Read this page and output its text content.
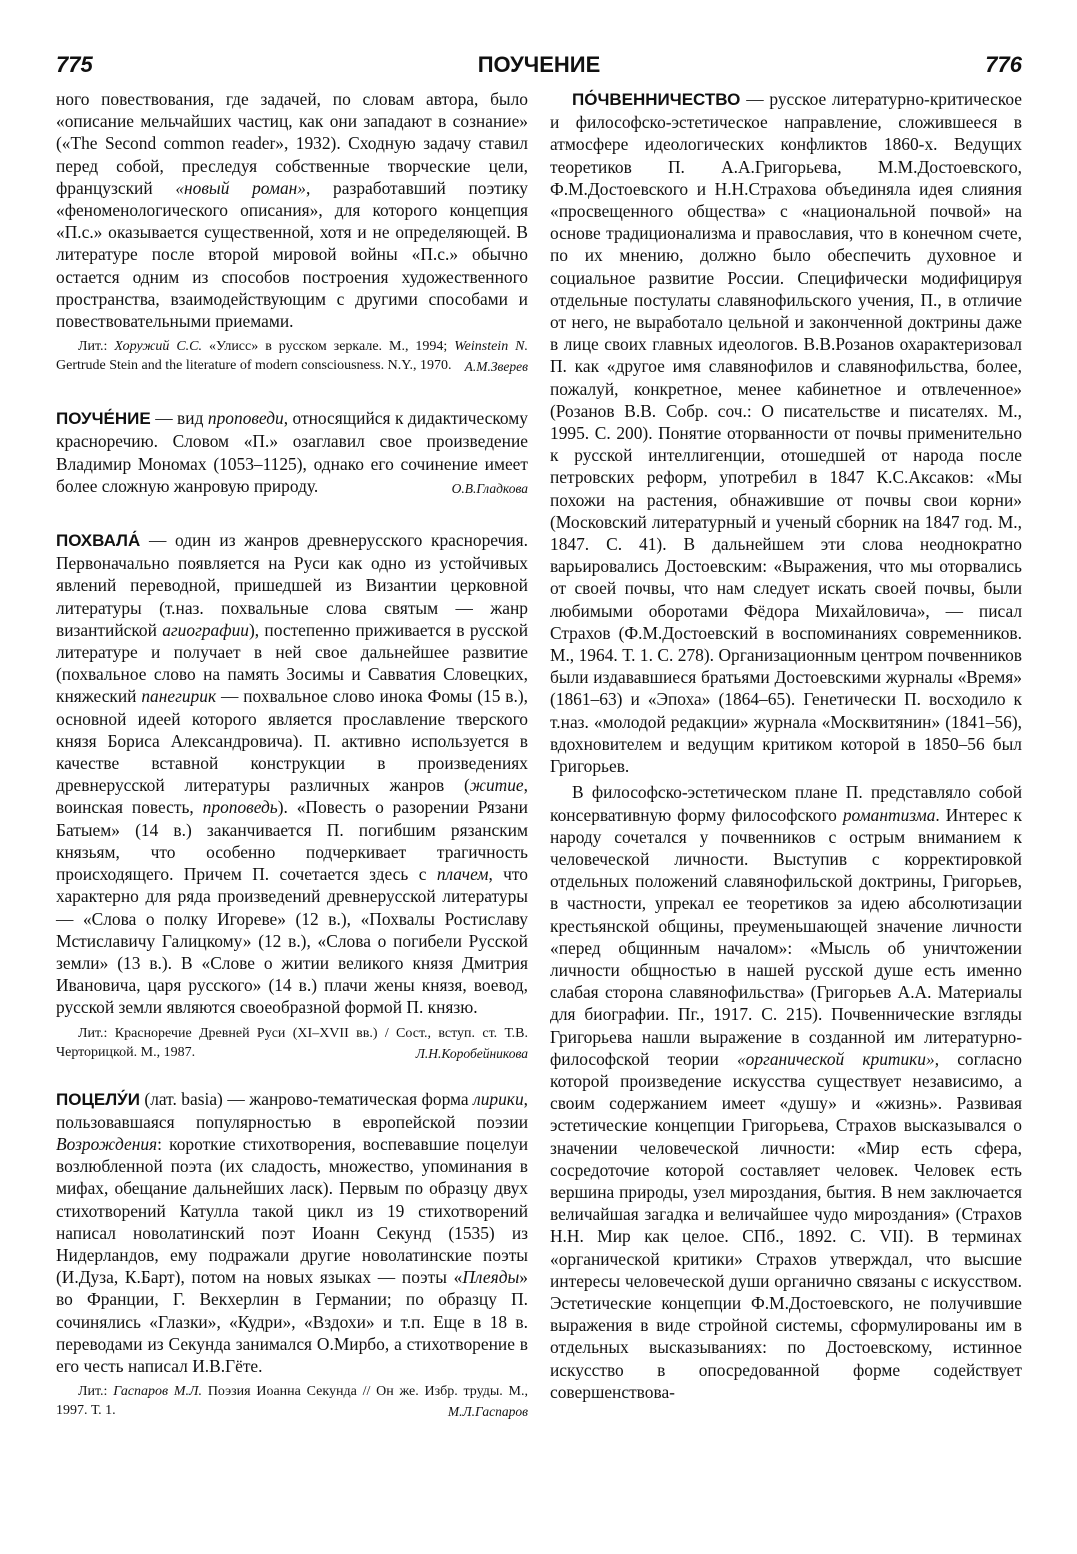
775	ПОУЧЕНИЕ	776

ного повествования, где задачей, по словам автора, было «описание мельчайших частиц, как они западают в сознание» («The Second common reader», 1932). Сходную задачу ставил перед собой, преследуя собственные творческие цели, французский «новый роман», разработавший поэтику «феноменологического описания», для которого концепция «П.с.» оказывается существенной, хотя и не определяющей. В литературе после второй мировой войны «П.с.» обычно остается одним из способов построения художественного пространства, взаимодействующим с другими способами и повествовательными приемами.

Лит.: Хоружий С.С. «Улисс» в русском зеркале. М., 1994; Weinstein N. Gertrude Stein and the literature of modern consciousness. N.Y., 1970. А.М.Зверев

ПОУЧЕ́НИЕ — вид проповеди, относящийся к дидактическому красноречию. Словом «П.» озаглавил свое произведение Владимир Мономах (1053–1125), однако его сочинение имеет более сложную жанровую природу.	О.В.Гладкова

ПОХВАЛА́ — один из жанров древнерусского красноречия. Первоначально появляется на Руси как одно из устойчивых явлений переводной, пришедшей из Византии церковной литературы (т.наз. похвальные слова святым — жанр византийской агиографии), постепенно приживается в русской литературе и получает в ней свое дальнейшее развитие (похвальное слово на память Зосимы и Савватия Словецких, княжеский панегирик — похвальное слово инока Фомы (15 в.), основной идеей которого является прославление тверского князя Бориса Александровича). П. активно используется в качестве вставной конструкции в произведениях древнерусской литературы различных жанров (житие, воинская повесть, проповедь). «Повесть о разорении Рязани Батыем» (14 в.) заканчивается П. погибшим рязанским князьям, что особенно подчеркивает трагичность происходящего. Причем П. сочетается здесь с плачем, что характерно для ряда произведений древнерусской литературы — «Слова о полку Игореве» (12 в.), «Похвалы Ростиславу Мстиславичу Галицкому» (12 в.), «Слова о погибели Русской земли» (13 в.). В «Слове о житии великого князя Дмитрия Ивановича, царя русского» (14 в.) плачи жены князя, воевод, русской земли являются своеобразной формой П. князю.

Лит.: Красноречие Древней Руси (XI–XVII вв.) / Сост., вступ. ст. Т.В. Черторицкой. М., 1987.	Л.Н.Коробейникова

ПОЦЕЛУ́И (лат. basia) — жанрово-тематическая форма лирики, пользовавшаяся популярностью в европейской поэзии Возрождения: короткие стихотворения, воспевавшие поцелуи возлюбленной поэта (их сладость, множество, упоминания в мифах, обещание дальнейших ласк). Первым по образцу двух стихотворений Катулла такой цикл из 19 стихотворений написал новолатинский поэт Иоанн Секунд (1535) из Нидерландов, ему подражали другие новолатинские поэты (И.Дуза, К.Барт), потом на новых языках — поэты «Плеяды» во Франции, Г. Векхерлин в Германии; по образцу П. сочинялись «Глазки», «Кудри», «Вздохи» и т.п. Еще в 18 в. переводами из Секунда занимался О.Мирбо, а стихотворение в его честь написал И.В.Гёте.

Лит.: Гаспаров М.Л. Поэзия Иоанна Секунда // Он же. Избр. труды. М., 1997. Т. 1.	М.Л.Гаспаров

ПО́ЧВЕННИЧЕСТВО — русское литературно-критическое и философско-эстетическое направление, сложившееся в атмосфере идеологических конфликтов 1860-х. Ведущих теоретиков П. А.А.Григорьева, М.М.Достоевского, Ф.М.Достоевского и Н.Н.Страхова объединяла идея слияния «просвещенного общества» с «национальной почвой» на основе традиционализма и православия, что в конечном счете, по их мнению, должно было обеспечить духовное и социальное развитие России. Специфически модифицируя отдельные постулаты славянофильского учения, П., в отличие от него, не выработало цельной и законченной доктрины даже в лице своих главных идеологов. В.В.Розанов охарактеризовал П. как «другое имя славянофилов и славянофильства, более, пожалуй, конкретное, менее кабинетное и отвлеченное» (Розанов В.В. Собр. соч.: О писательстве и писателях. М., 1995. С. 200). Понятие оторванности от почвы применительно к русской интеллигенции, отошедшей от народа после петровских реформ, употребил в 1847 К.С.Аксаков: «Мы похожи на растения, обнажившие от почвы свои корни» (Московский литературный и ученый сборник на 1847 год. М., 1847. С. 41). В дальнейшем эти слова неоднократно варьировались Достоевским: «Выражения, что мы оторвались от своей почвы, что нам следует искать своей почвы, были любимыми оборотами Фёдора Михайловича», — писал Страхов (Ф.М.Достоевский в воспоминаниях современников. М., 1964. Т. 1. С. 278). Организационным центром почвенников были издававшиеся братьями Достоевскими журналы «Время» (1861–63) и «Эпоха» (1864–65). Генетически П. восходило к т.наз. «молодой редакции» журнала «Москвитянин» (1841–56), вдохновителем и ведущим критиком которой в 1850–56 был Григорьев.

В философско-эстетическом плане П. представляло собой консервативную форму философского романтизма. Интерес к народу сочетался у почвенников с острым вниманием к человеческой личности. Выступив с корректировкой отдельных положений славянофильской доктрины, Григорьев, в частности, упрекал ее теоретиков за идею абсолютизации крестьянской общины, преуменьшающей значение личности «перед общинным началом»: «Мысль об уничтожении личности общностью в нашей русской душе есть именно слабая сторона славянофильства» (Григорьев А.А. Материалы для биографии. Пг., 1917. С. 215). Почвеннические взгляды Григорьева нашли выражение в созданной им литературно-философской теории «органической критики», согласно которой произведение искусства существует независимо, а своим содержанием имеет «душу» и «жизнь». Развивая эстетические концепции Григорьева, Страхов высказывался о значении человеческой личности: «Мир есть сфера, сосредоточие которой составляет человек. Человек есть вершина природы, узел мироздания, бытия. В нем заключается величайшая загадка и величайшее чудо мироздания» (Страхов Н.Н. Мир как целое. СПб., 1892. С. VII). В терминах «органической критики» Страхов утверждал, что высшие интересы человеческой души органично связаны с искусством. Эстетические концепции Ф.М.Достоевского, не получившие выражения в виде стройной системы, сформулированы им в отдельных высказываниях: по Достоевскому, истинное искусство в опосредованной форме содействует совершенствова-
